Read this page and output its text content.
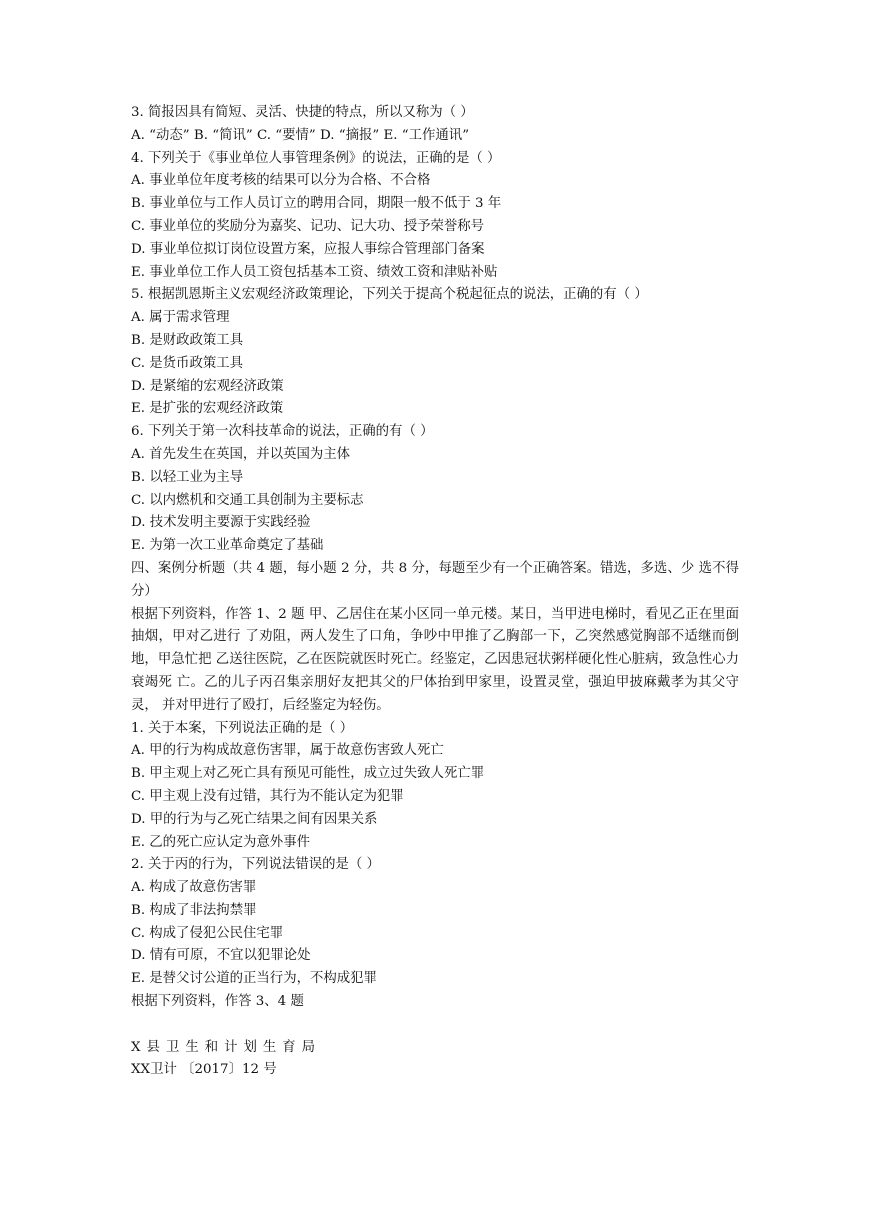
3. 简报因具有简短、灵活、快捷的特点，所以又称为（ ）
A. “动态” B. “简讯” C. “要情” D. “摘报” E. “工作通讯”
4. 下列关于《事业单位人事管理条例》的说法，正确的是（ ）
A. 事业单位年度考核的结果可以分为合格、不合格
B. 事业单位与工作人员订立的聘用合同，期限一般不低于 3 年
C. 事业单位的奖励分为嘉奖、记功、记大功、授予荣誉称号
D. 事业单位拟订岗位设置方案，应报人事综合管理部门备案
E. 事业单位工作人员工资包括基本工资、绩效工资和津贴补贴
5. 根据凯恩斯主义宏观经济政策理论，下列关于提高个税起征点的说法，正确的有（ ）
A. 属于需求管理
B. 是财政政策工具
C. 是货币政策工具
D. 是紧缩的宏观经济政策
E. 是扩张的宏观经济政策
6. 下列关于第一次科技革命的说法，正确的有（ ）
A. 首先发生在英国，并以英国为主体
B. 以轻工业为主导
C. 以内燃机和交通工具创制为主要标志
D. 技术发明主要源于实践经验
E. 为第一次工业革命奠定了基础
四、案例分析题（共 4 题，每小题 2 分，共 8 分，每题至少有一个正确答案。错选，多选、少 选不得分）
根据下列资料，作答 1、2 题 甲、乙居住在某小区同一单元楼。某日，当甲进电梯时，看见乙正在里面抽烟，甲对乙进行 了劝阻，两人发生了口角，争吵中甲推了乙胸部一下，乙突然感觉胸部不适继而倒地，甲急忙把 乙送往医院，乙在医院就医时死亡。经鉴定，乙因患冠状粥样硬化性心脏病，致急性心力衰竭死 亡。乙的儿子丙召集亲朋好友把其父的尸体抬到甲家里，设置灵堂，强迫甲披麻戴孝为其父守灵， 并对甲进行了殴打，后经鉴定为轻伤。
1. 关于本案，下列说法正确的是（ ）
A. 甲的行为构成故意伤害罪，属于故意伤害致人死亡
B. 甲主观上对乙死亡具有预见可能性，成立过失致人死亡罪
C. 甲主观上没有过错，其行为不能认定为犯罪
D. 甲的行为与乙死亡结果之间有因果关系
E. 乙的死亡应认定为意外事件
2. 关于丙的行为，下列说法错误的是（ ）
A. 构成了故意伤害罪
B. 构成了非法拘禁罪
C. 构成了侵犯公民住宅罪
D. 情有可原，不宜以犯罪论处
E. 是替父讨公道的正当行为，不构成犯罪
根据下列资料，作答 3、4 题
X县卫生和计划生育局
XX卫计 〔2017〕12 号
